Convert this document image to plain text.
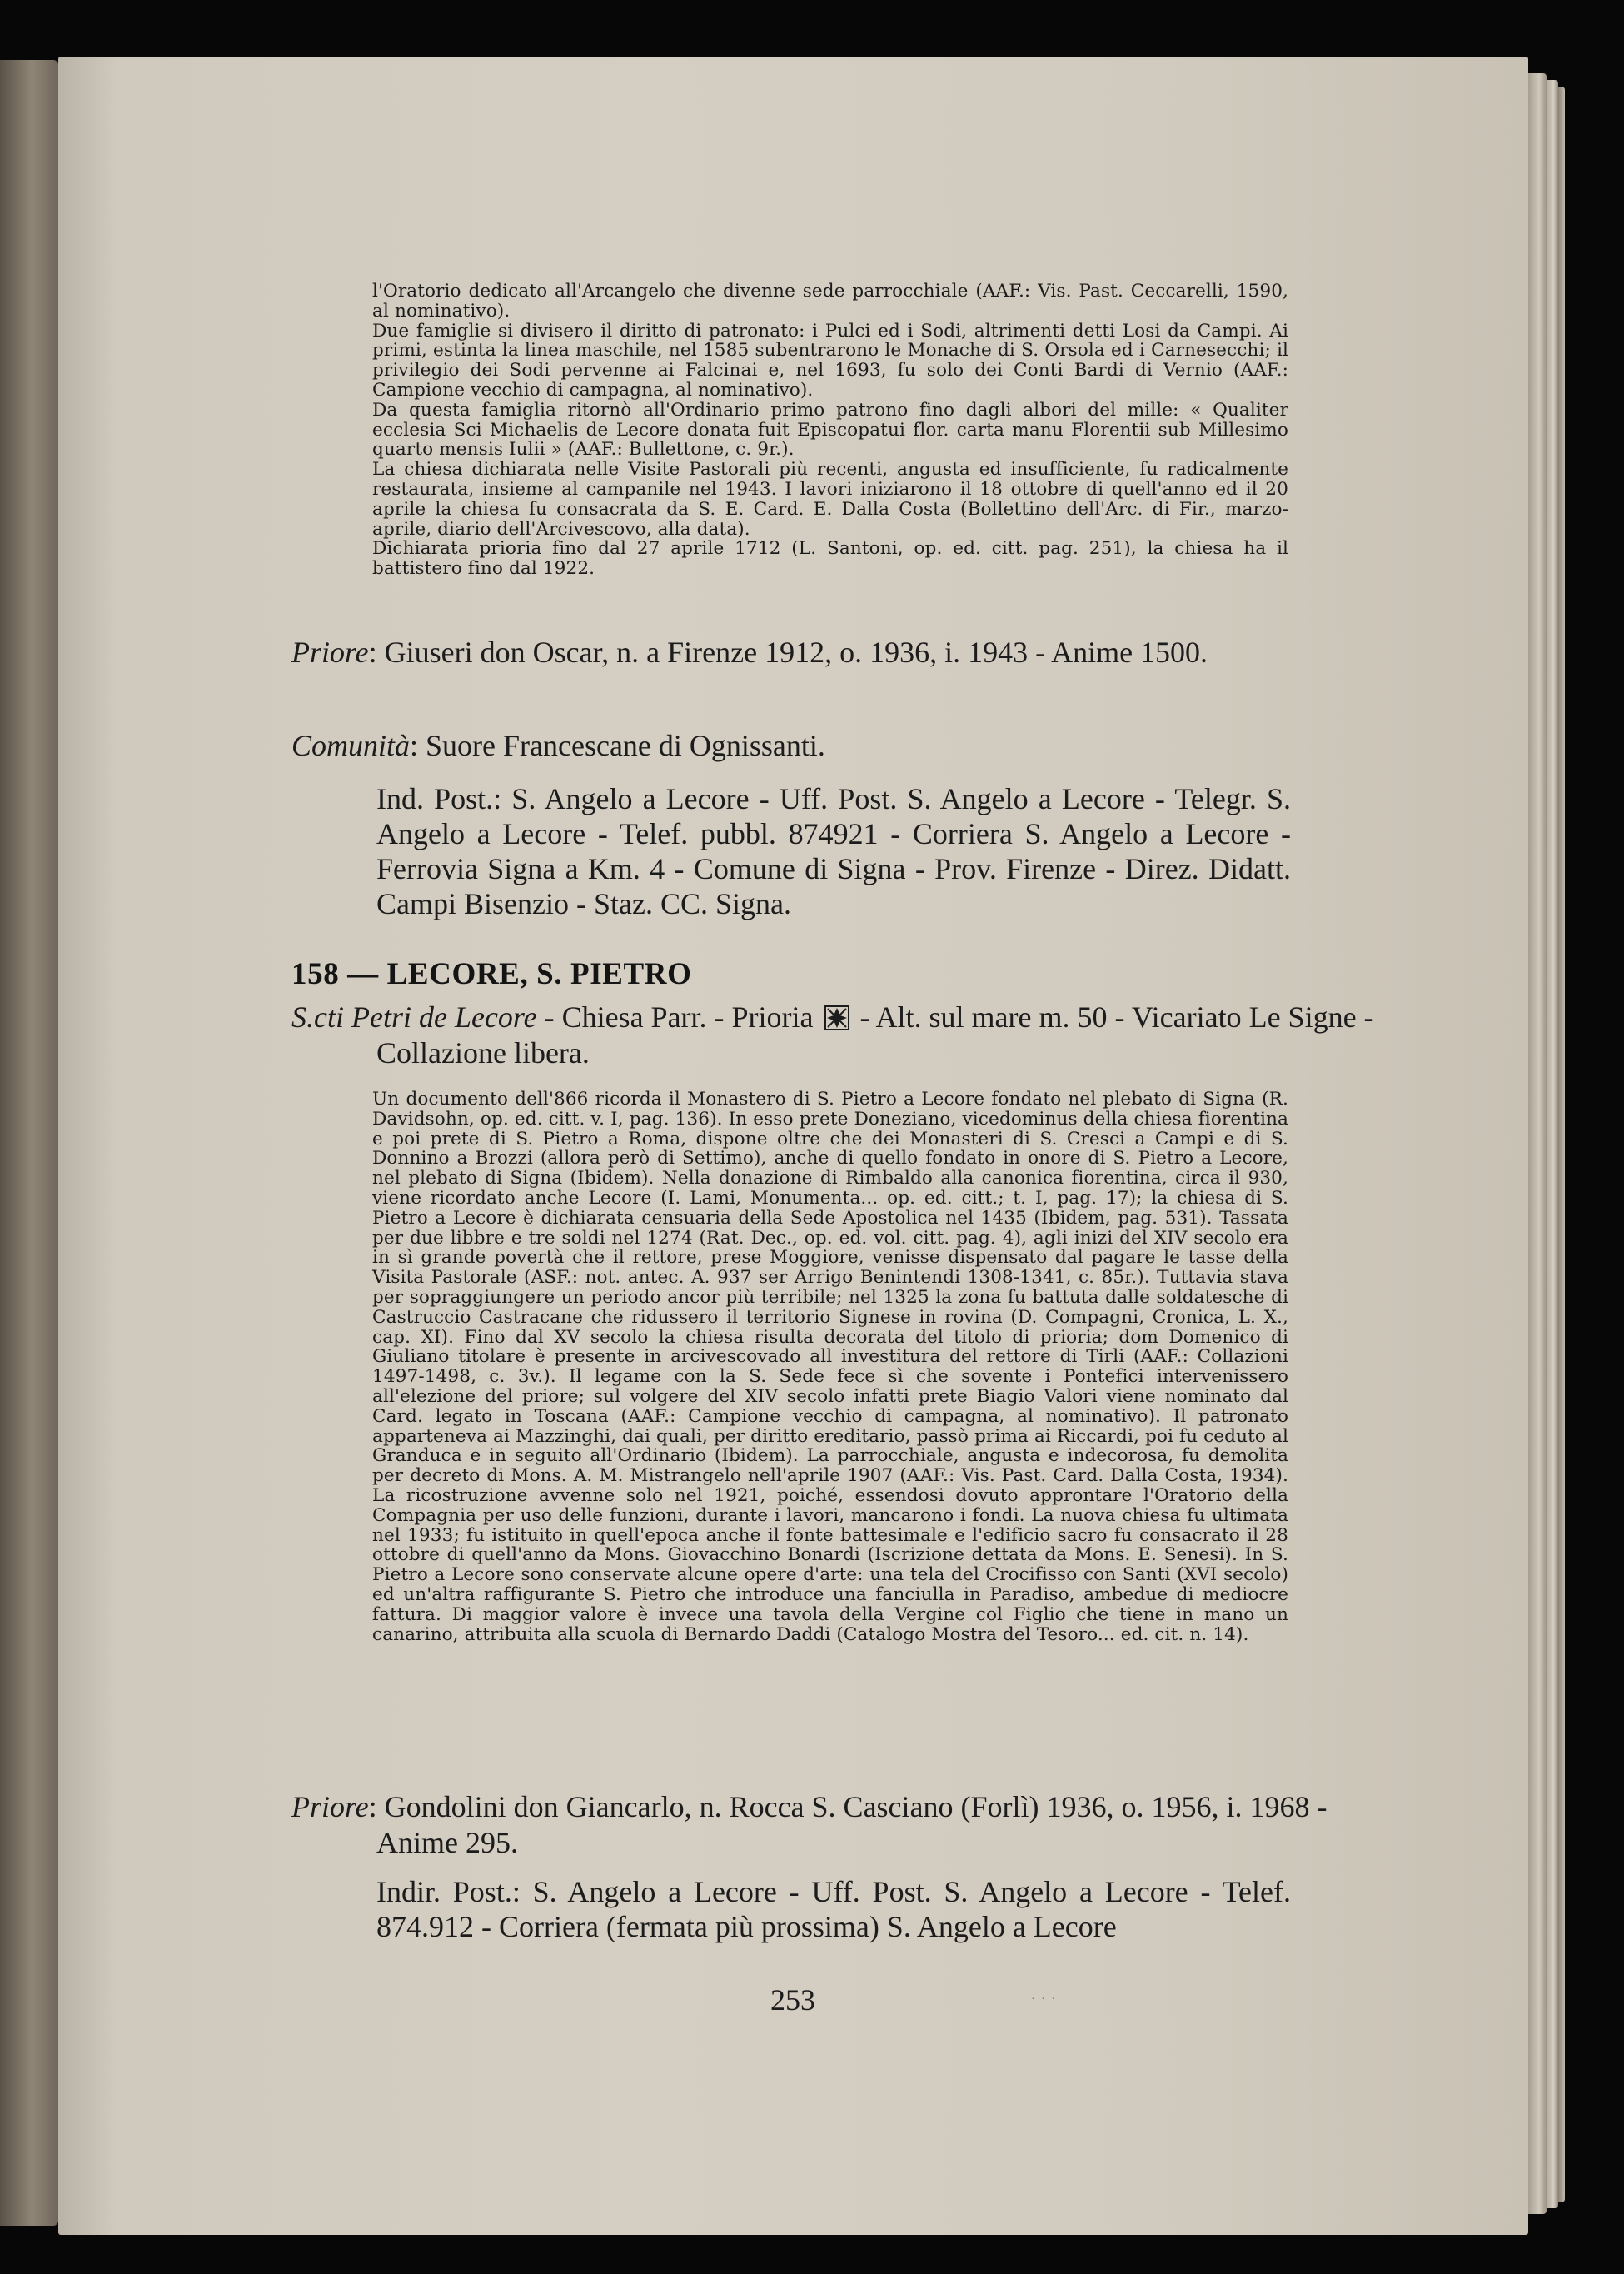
l'Oratorio dedicato all'Arcangelo che divenne sede parrocchiale (AAF.: Vis. Past. Ceccarelli, 1590, al nominativo).

Due famiglie si divisero il diritto di patronato: i Pulci ed i Sodi, altrimenti detti Losi da Campi. Ai primi, estinta la linea maschile, nel 1585 subentrarono le Monache di S. Orsola ed i Carnesecchi; il privilegio dei Sodi pervenne ai Falcinai e, nel 1693, fu solo dei Conti Bardi di Vernio (AAF.: Campione vecchio di campagna, al nominativo).

Da questa famiglia ritornò all'Ordinario primo patrono fino dagli albori del mille: « Qualiter ecclesia Sci Michaelis de Lecore donata fuit Episcopatui flor. carta manu Florentii sub Millesimo quarto mensis Iulii » (AAF.: Bullettone, c. 9r.).

La chiesa dichiarata nelle Visite Pastorali più recenti, angusta ed insufficiente, fu radicalmente restaurata, insieme al campanile nel 1943. I lavori iniziarono il 18 ottobre di quell'anno ed il 20 aprile la chiesa fu consacrata da S. E. Card. E. Dalla Costa (Bollettino dell'Arc. di Fir., marzo-aprile, diario dell'Arcivescovo, alla data).

Dichiarata prioria fino dal 27 aprile 1712 (L. Santoni, op. ed. citt. pag. 251), la chiesa ha il battistero fino dal 1922.

Priore: Giuseri don Oscar, n. a Firenze 1912, o. 1936, i. 1943 - Anime 1500.
Comunità: Suore Francescane di Ognissanti.
Ind. Post.: S. Angelo a Lecore - Uff. Post. S. Angelo a Lecore - Telegr. S. Angelo a Lecore - Telef. pubbl. 874921 - Corriera S. Angelo a Lecore - Ferrovia Signa a Km. 4 - Comune di Signa - Prov. Firenze - Direz. Didatt. Campi Bisenzio - Staz. CC. Signa.
158 — LECORE, S. PIETRO
S.cti Petri de Lecore - Chiesa Parr. - Prioria  - Alt. sul mare m. 50 - Vicariato Le Signe - Collazione libera.
Un documento dell'866 ricorda il Monastero di S. Pietro a Lecore fondato nel plebato di Signa (R. Davidsohn, op. ed. citt. v. I, pag. 136). In esso prete Doneziano, vicedominus della chiesa fiorentina e poi prete di S. Pietro a Roma, dispone oltre che dei Monasteri di S. Cresci a Campi e di S. Donnino a Brozzi (allora però di Settimo), anche di quello fondato in onore di S. Pietro a Lecore, nel plebato di Signa (Ibidem). Nella donazione di Rimbaldo alla canonica fiorentina, circa il 930, viene ricordato anche Lecore (I. Lami, Monumenta... op. ed. citt.; t. I, pag. 17); la chiesa di S. Pietro a Lecore è dichiarata censuaria della Sede Apostolica nel 1435 (Ibidem, pag. 531). Tassata per due libbre e tre soldi nel 1274 (Rat. Dec., op. ed. vol. citt. pag. 4), agli inizi del XIV secolo era in sì grande povertà che il rettore, prese Moggiore, venisse dispensato dal pagare le tasse della Visita Pastorale (ASF.: not. antec. A. 937 ser Arrigo Benintendi 1308-1341, c. 85r.). Tuttavia stava per sopraggiungere un periodo ancor più terribile; nel 1325 la zona fu battuta dalle soldatesche di Castruccio Castracane che ridussero il territorio Signese in rovina (D. Compagni, Cronica, L. X., cap. XI). Fino dal XV secolo la chiesa risulta decorata del titolo di prioria; dom Domenico di Giuliano titolare è presente in arcivescovado all investitura del rettore di Tirli (AAF.: Collazioni 1497-1498, c. 3v.). Il legame con la S. Sede fece sì che sovente i Pontefici intervenissero all'elezione del priore; sul volgere del XIV secolo infatti prete Biagio Valori viene nominato dal Card. legato in Toscana (AAF.: Campione vecchio di campagna, al nominativo). Il patronato apparteneva ai Mazzinghi, dai quali, per diritto ereditario, passò prima ai Riccardi, poi fu ceduto al Granduca e in seguito all'Ordinario (Ibidem). La parrocchiale, angusta e indecorosa, fu demolita per decreto di Mons. A. M. Mistrangelo nell'aprile 1907 (AAF.: Vis. Past. Card. Dalla Costa, 1934). La ricostruzione avvenne solo nel 1921, poiché, essendosi dovuto approntare l'Oratorio della Compagnia per uso delle funzioni, durante i lavori, mancarono i fondi. La nuova chiesa fu ultimata nel 1933; fu istituito in quell'epoca anche il fonte battesimale e l'edificio sacro fu consacrato il 28 ottobre di quell'anno da Mons. Giovacchino Bonardi (Iscrizione dettata da Mons. E. Senesi). In S. Pietro a Lecore sono conservate alcune opere d'arte: una tela del Crocifisso con Santi (XVI secolo) ed un'altra raffigurante S. Pietro che introduce una fanciulla in Paradiso, ambedue di mediocre fattura. Di maggior valore è invece una tavola della Vergine col Figlio che tiene in mano un canarino, attribuita alla scuola di Bernardo Daddi (Catalogo Mostra del Tesoro... ed. cit. n. 14).
Priore: Gondolini don Giancarlo, n. Rocca S. Casciano (Forlì) 1936, o. 1956, i. 1968 - Anime 295.
Indir. Post.: S. Angelo a Lecore - Uff. Post. S. Angelo a Lecore - Telef. 874.912 - Corriera (fermata più prossima) S. Angelo a Lecore
253	· · ·
